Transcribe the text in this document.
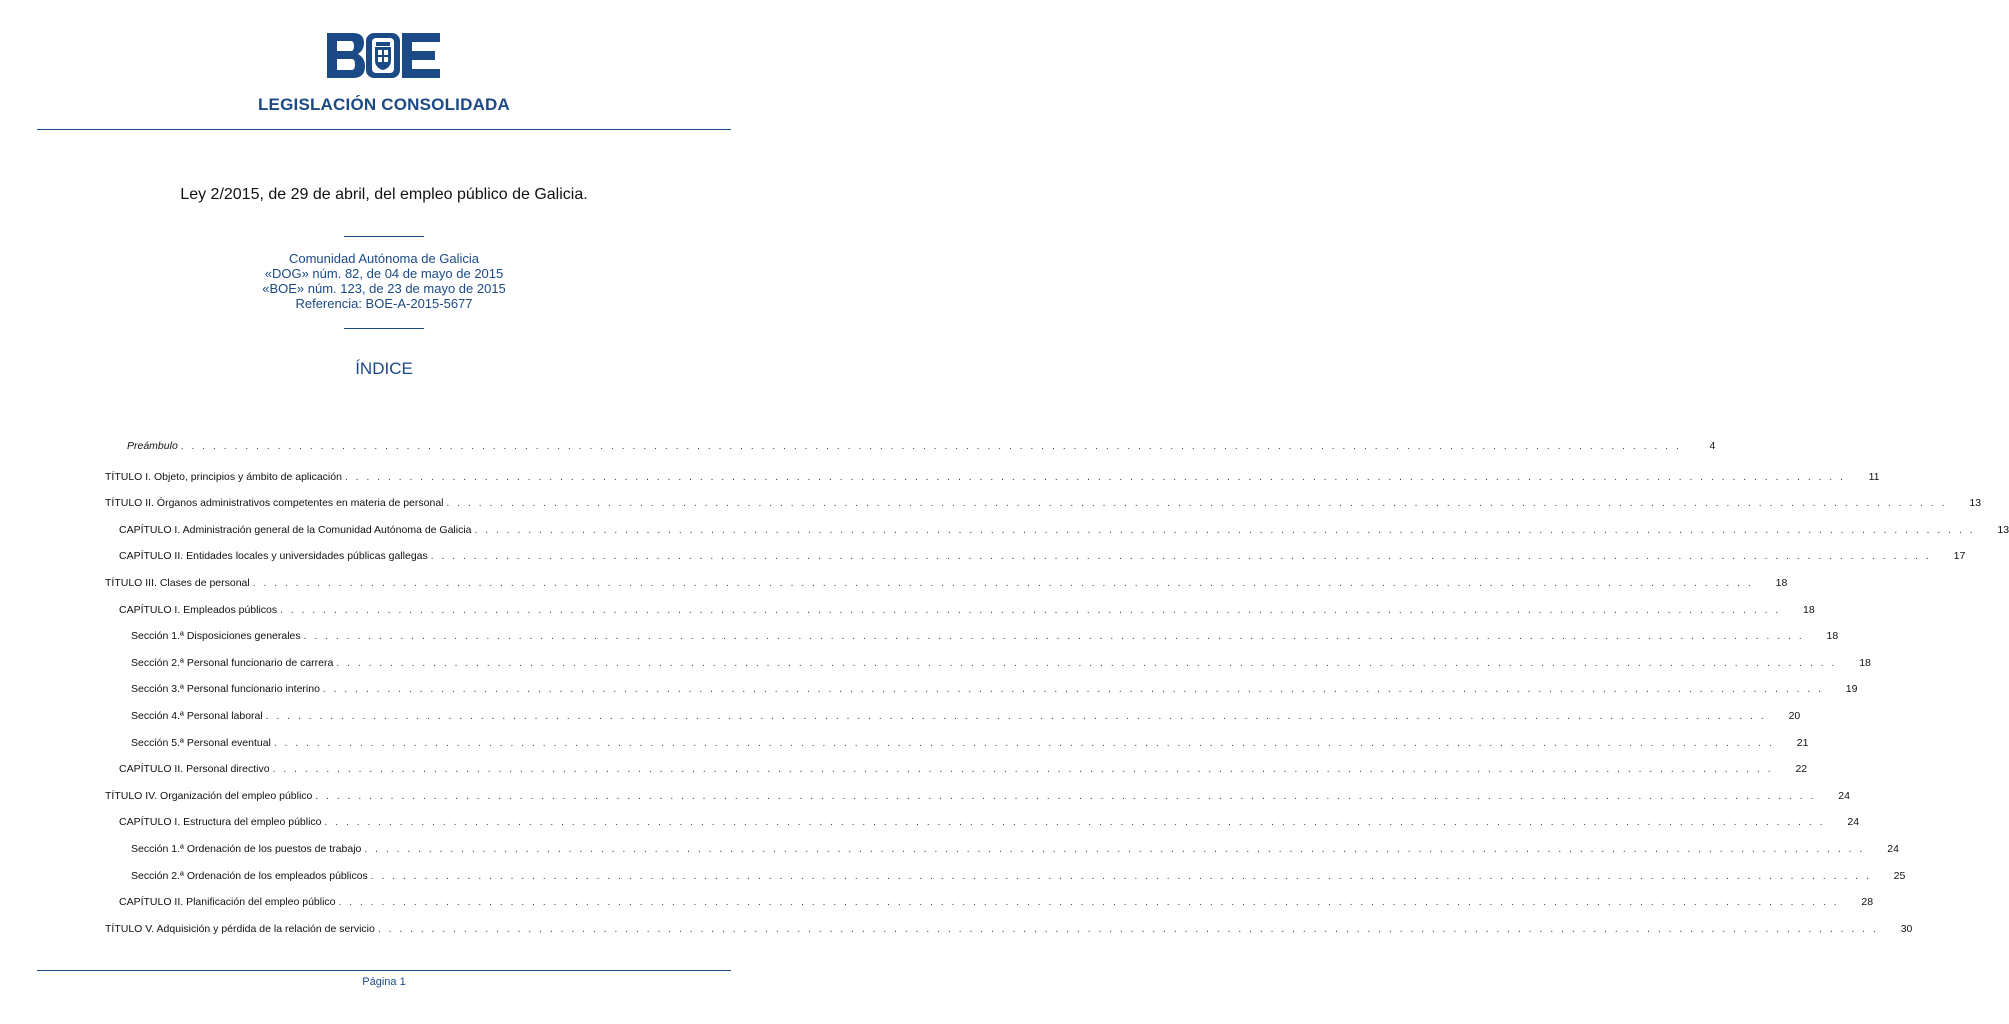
LEGISLACIÓN CONSOLIDADA
Ley 2/2015, de 29 de abril, del empleo público de Galicia.
Comunidad Autónoma de Galicia
«DOG» núm. 82, de 04 de mayo de 2015
«BOE» núm. 123, de 23 de mayo de 2015
Referencia: BOE-A-2015-5677
ÍNDICE
Preámbulo . . . . . . . . . . . . . . . . . . . . . . . . . . . . . . . . . . . . . . . . . . . . . . . . . . . . . . . . . . . . . . . . . . . . . . . . . . . . . . . . . . . . . . . . . . . . . . . . . . . . . . . . . . . . . . . . . . . . . . . . . . . . . . . . . . . . . . . . . . . .	4
TÍTULO I. Objeto, principios y ámbito de aplicación . . . . . . . . . . . . . . . . . . . . . . . . . . . . . . . . . . . . . . . . . . . . . . . . . . . . . . . . . . . . . . . . . . . . . . . . . . . . . . . . . . . . . . . . . . . . . . . . . . . . . . . . . . . . . . . . . . . . . . . . . . . . . . . . . . . . . . . . . . . .	11
TÍTULO II. Órganos administrativos competentes en materia de personal . . . . . . . . . . . . . . . . . . . . . . . . . . . . . . . . . . . . . . . . . . . . . . . . . . . . . . . . . . . . . . . . . . . . . . . . . . . . . . . . . . . . . . . . . . . . . . . . . . . . . . . . . . . . . . . . . . . . . . . . . . . . . . . . . . . . . . . . . . . .	13
CAPÍTULO I. Administración general de la Comunidad Autónoma de Galicia . . . . . . . . . . . . . . . . . . . . . . . . . . . . . . . . . . . . . . . . . . . . . . . . . . . . . . . . . . . . . . . . . . . . . . . . . . . . . . . . . . . . . . . . . . . . . . . . . . . . . . . . . . . . . . . . . . . . . . . . . . . . . . . . . . . . . . . . . . . .	13
CAPÍTULO II. Entidades locales y universidades públicas gallegas . . . . . . . . . . . . . . . . . . . . . . . . . . . . . . . . . . . . . . . . . . . . . . . . . . . . . . . . . . . . . . . . . . . . . . . . . . . . . . . . . . . . . . . . . . . . . . . . . . . . . . . . . . . . . . . . . . . . . . . . . . . . . . . . . . . . . . . . . . . .	17
TÍTULO III. Clases de personal . . . . . . . . . . . . . . . . . . . . . . . . . . . . . . . . . . . . . . . . . . . . . . . . . . . . . . . . . . . . . . . . . . . . . . . . . . . . . . . . . . . . . . . . . . . . . . . . . . . . . . . . . . . . . . . . . . . . . . . . . . . . . . . . . . . . . . . . . . . .	18
CAPÍTULO I. Empleados públicos . . . . . . . . . . . . . . . . . . . . . . . . . . . . . . . . . . . . . . . . . . . . . . . . . . . . . . . . . . . . . . . . . . . . . . . . . . . . . . . . . . . . . . . . . . . . . . . . . . . . . . . . . . . . . . . . . . . . . . . . . . . . . . . . . . . . . . . . . . . .	18
Sección 1.ª Disposiciones generales . . . . . . . . . . . . . . . . . . . . . . . . . . . . . . . . . . . . . . . . . . . . . . . . . . . . . . . . . . . . . . . . . . . . . . . . . . . . . . . . . . . . . . . . . . . . . . . . . . . . . . . . . . . . . . . . . . . . . . . . . . . . . . . . . . . . . . . . . . . .	18
Sección 2.ª Personal funcionario de carrera . . . . . . . . . . . . . . . . . . . . . . . . . . . . . . . . . . . . . . . . . . . . . . . . . . . . . . . . . . . . . . . . . . . . . . . . . . . . . . . . . . . . . . . . . . . . . . . . . . . . . . . . . . . . . . . . . . . . . . . . . . . . . . . . . . . . . . . . . . . .	18
Sección 3.ª Personal funcionario interino . . . . . . . . . . . . . . . . . . . . . . . . . . . . . . . . . . . . . . . . . . . . . . . . . . . . . . . . . . . . . . . . . . . . . . . . . . . . . . . . . . . . . . . . . . . . . . . . . . . . . . . . . . . . . . . . . . . . . . . . . . . . . . . . . . . . . . . . . . . .	19
Sección 4.ª Personal laboral . . . . . . . . . . . . . . . . . . . . . . . . . . . . . . . . . . . . . . . . . . . . . . . . . . . . . . . . . . . . . . . . . . . . . . . . . . . . . . . . . . . . . . . . . . . . . . . . . . . . . . . . . . . . . . . . . . . . . . . . . . . . . . . . . . . . . . . . . . . .	20
Sección 5.ª Personal eventual . . . . . . . . . . . . . . . . . . . . . . . . . . . . . . . . . . . . . . . . . . . . . . . . . . . . . . . . . . . . . . . . . . . . . . . . . . . . . . . . . . . . . . . . . . . . . . . . . . . . . . . . . . . . . . . . . . . . . . . . . . . . . . . . . . . . . . . . . . . .	21
CAPÍTULO II. Personal directivo . . . . . . . . . . . . . . . . . . . . . . . . . . . . . . . . . . . . . . . . . . . . . . . . . . . . . . . . . . . . . . . . . . . . . . . . . . . . . . . . . . . . . . . . . . . . . . . . . . . . . . . . . . . . . . . . . . . . . . . . . . . . . . . . . . . . . . . . . . . .	22
TÍTULO IV. Organización del empleo público . . . . . . . . . . . . . . . . . . . . . . . . . . . . . . . . . . . . . . . . . . . . . . . . . . . . . . . . . . . . . . . . . . . . . . . . . . . . . . . . . . . . . . . . . . . . . . . . . . . . . . . . . . . . . . . . . . . . . . . . . . . . . . . . . . . . . . . . . . . .	24
CAPÍTULO I. Estructura del empleo público . . . . . . . . . . . . . . . . . . . . . . . . . . . . . . . . . . . . . . . . . . . . . . . . . . . . . . . . . . . . . . . . . . . . . . . . . . . . . . . . . . . . . . . . . . . . . . . . . . . . . . . . . . . . . . . . . . . . . . . . . . . . . . . . . . . . . . . . . . . .	24
Sección 1.ª Ordenación de los puestos de trabajo . . . . . . . . . . . . . . . . . . . . . . . . . . . . . . . . . . . . . . . . . . . . . . . . . . . . . . . . . . . . . . . . . . . . . . . . . . . . . . . . . . . . . . . . . . . . . . . . . . . . . . . . . . . . . . . . . . . . . . . . . . . . . . . . . . . . . . . . . . . .	24
Sección 2.ª Ordenación de los empleados públicos . . . . . . . . . . . . . . . . . . . . . . . . . . . . . . . . . . . . . . . . . . . . . . . . . . . . . . . . . . . . . . . . . . . . . . . . . . . . . . . . . . . . . . . . . . . . . . . . . . . . . . . . . . . . . . . . . . . . . . . . . . . . . . . . . . . . . . . . . . . .	25
CAPÍTULO II. Planificación del empleo público . . . . . . . . . . . . . . . . . . . . . . . . . . . . . . . . . . . . . . . . . . . . . . . . . . . . . . . . . . . . . . . . . . . . . . . . . . . . . . . . . . . . . . . . . . . . . . . . . . . . . . . . . . . . . . . . . . . . . . . . . . . . . . . . . . . . . . . . . . . .	28
TÍTULO V. Adquisición y pérdida de la relación de servicio . . . . . . . . . . . . . . . . . . . . . . . . . . . . . . . . . . . . . . . . . . . . . . . . . . . . . . . . . . . . . . . . . . . . . . . . . . . . . . . . . . . . . . . . . . . . . . . . . . . . . . . . . . . . . . . . . . . . . . . . . . . . . . . . . . . . . . . . . . . .	30
Página 1
